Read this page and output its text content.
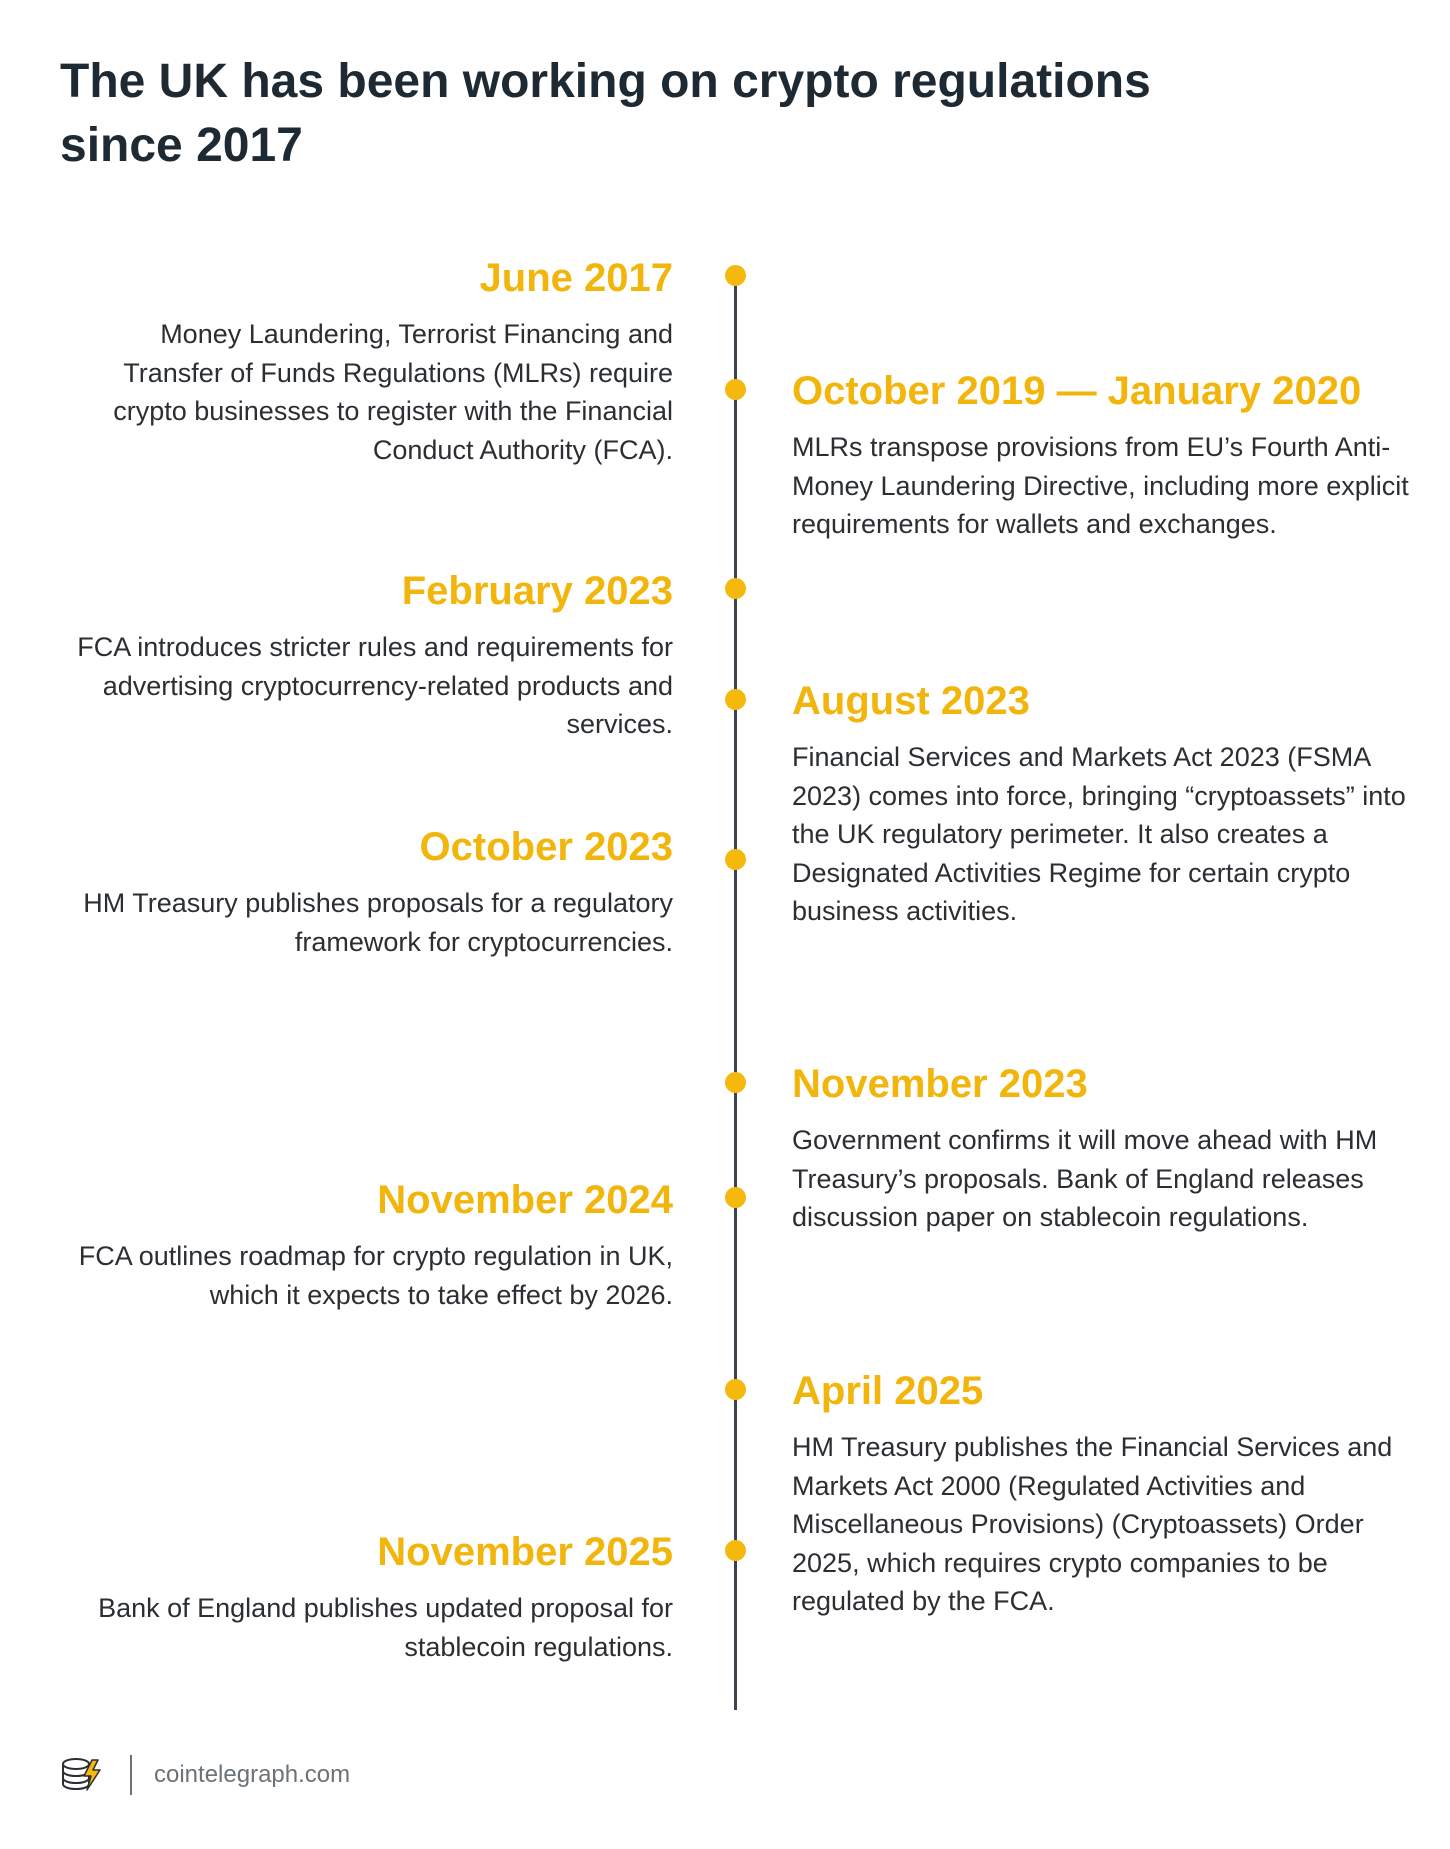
The UK has been working on crypto regulations since 2017

June 2017

Money Laundering, Terrorist Financing and Transfer of Funds Regulations (MLRs) require crypto businesses to register with the Financial Conduct Authority (FCA).

October 2019 — January 2020

MLRs transpose provisions from EU’s Fourth Anti-Money Laundering Directive, including more explicit requirements for wallets and exchanges.

February 2023

FCA introduces stricter rules and requirements for advertising cryptocurrency-related products and services.

August 2023

Financial Services and Markets Act 2023 (FSMA 2023) comes into force, bringing “cryptoassets” into the UK regulatory perimeter. It also creates a Designated Activities Regime for certain crypto business activities.

October 2023

HM Treasury publishes proposals for a regulatory framework for cryptocurrencies.

November 2023

Government confirms it will move ahead with HM Treasury’s proposals. Bank of England releases discussion paper on stablecoin regulations.

November 2024

FCA outlines roadmap for crypto regulation in UK, which it expects to take effect by 2026.

April 2025

HM Treasury publishes the Financial Services and Markets Act 2000 (Regulated Activities and Miscellaneous Provisions) (Cryptoassets) Order 2025, which requires crypto companies to be regulated by the FCA.

November 2025

Bank of England publishes updated proposal for stablecoin regulations.

cointelegraph.com
